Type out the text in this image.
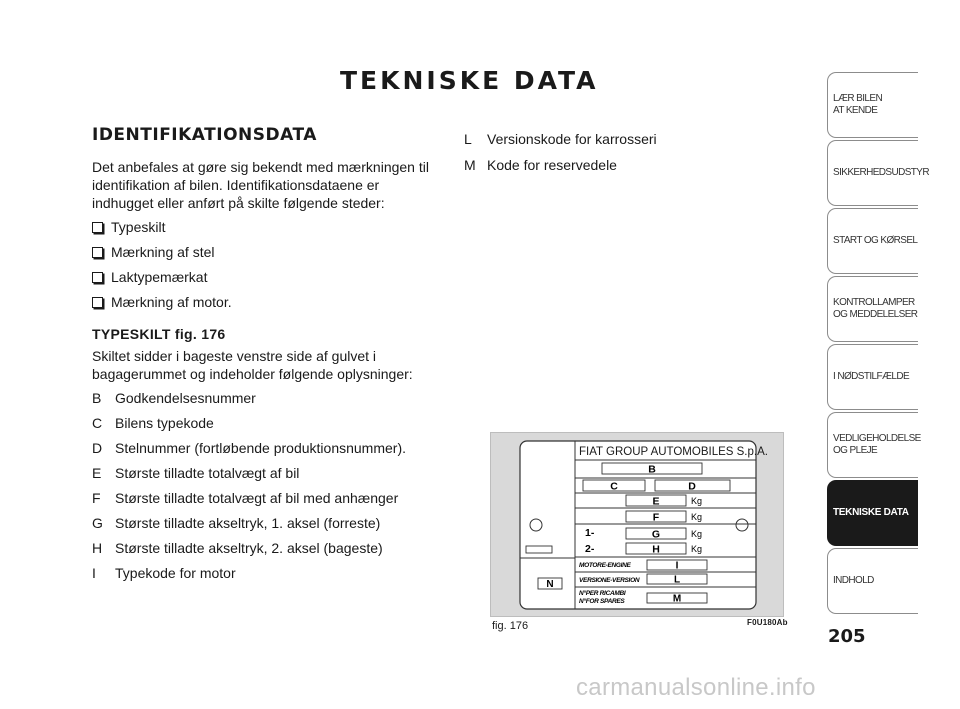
TEKNISKE DATA
IDENTIFIKATIONSDATA

Det anbefales at gøre sig bekendt med mærkningen til identifikation af bilen. Identifikationsdataene er indhugget eller anført på skilte følgende steder:

Typeskilt
Mærkning af stel
Laktypemærkat
Mærkning af motor.
TYPESKILT fig. 176

Skiltet sidder i bageste venstre side af gulvet i bagagerummet og indeholder følgende oplysninger:

B Godkendelsesnummer
C Bilens typekode
D Stelnummer (fortløbende produktionsnummer).
E Største tilladte totalvægt af bil
F	Største tilladte totalvægt af bil med anhænger
G Største tilladte akseltryk, 1. aksel (forreste)
H Største tilladte akseltryk, 2. aksel (bageste)
I	Typekode for motor
L	Versionskode for karrosseri
M Kode for reservedele
FIAT GROUP AUTOMOBILES S.p.A.
B
C	D
E	Kg
F	Kg
1-	G	Kg
2-	H	Kg
MOTORE-ENGINE	I
VERSIONE-VERSION	L
N°PER RICAMBI
N°FOR SPARES	M
N
fig. 176	F0U180Ab
LÆR BILEN
AT KENDE
SIKKERHEDSUDSTYR
START OG KØRSEL
KONTROLLAMPER
OG MEDDELELSER
I NØDSTILFÆLDE
VEDLIGEHOLDELSE
OG PLEJE
TEKNISKE DATA
INDHOLD
205
carmanualsonline.info
